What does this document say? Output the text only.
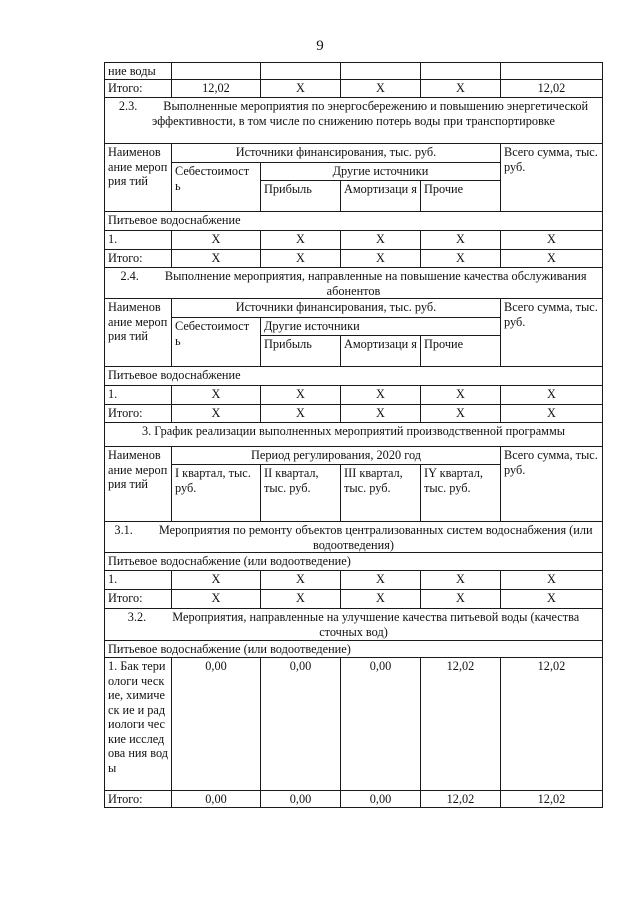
9
ние воды					
Итого:	12,02	Х	Х	Х	12,02
2.3. Выполненные мероприятия по энергосбережению и повышению энергетической эффективности, в том числе по снижению потерь воды при транспортировке					
Наименов ание мероприя тий	Источники финансирования, тыс. руб.				Всего сумма, тыс. руб.
	Себестоимост ь	Другие источники			
		Прибыль	Амортизаци я	Прочие	
Питьевое водоснабжение					
1.	Х	Х	Х	Х	Х
Итого:	Х	Х	Х	Х	Х
2.4. Выполнение мероприятия, направленные на повышение качества обслуживания абонентов					
Наименов ание мероприя тий	Источники финансирования, тыс. руб.				Всего сумма, тыс. руб.
	Себестоимост ь	Другие источники			
		Прибыль	Амортизаци я	Прочие	
Питьевое водоснабжение					
1.	Х	Х	Х	Х	Х
Итого:	Х	Х	Х	Х	Х
3. График реализации выполненных мероприятий производственной программы					
Наименов ание мероприя тий	Период регулирования, 2020 год				Всего сумма, тыс. руб.
	I квартал, тыс. руб.	II квартал, тыс. руб.	III квартал, тыс. руб.	IY квартал, тыс. руб.	
3.1. Мероприятия по ремонту объектов централизованных систем водоснабжения (или водоотведения)					
Питьевое водоснабжение (или водоотведение)					
1.	Х	Х	Х	Х	Х
Итого:	Х	Х	Х	Х	Х
3.2. Мероприятия, направленные на улучшение качества питьевой воды (качества сточных вод)					
Питьевое водоснабжение (или водоотведение)					
1. Бак териологи ческие, химическ ие и радиологи ческие исследова ния воды	0,00	0,00	0,00	12,02	12,02
Итого:	0,00	0,00	0,00	12,02	12,02
